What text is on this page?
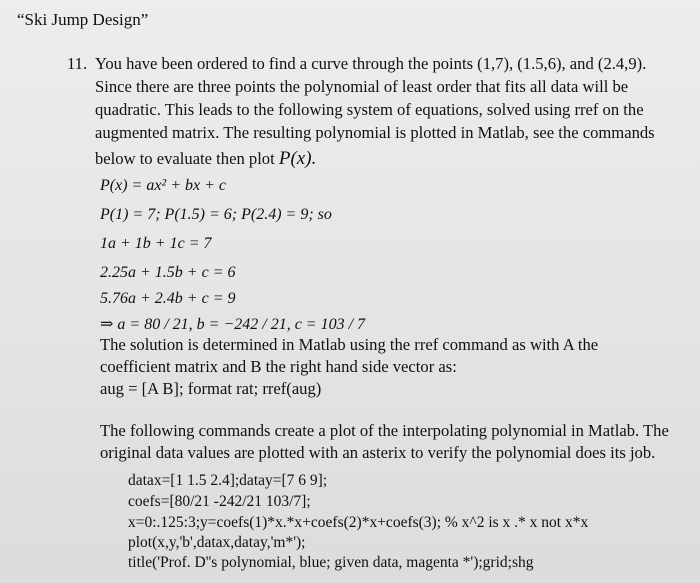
“Ski Jump Design”
11. You have been ordered to find a curve through the points (1,7), (1.5,6), and (2.4,9).
Since there are three points the polynomial of least order that fits all data will be
quadratic. This leads to the following system of equations, solved using rref on the
augmented matrix. The resulting polynomial is plotted in Matlab, see the commands
below to evaluate then plot P(x).
P(x) = ax² + bx + c
P(1) = 7; P(1.5) = 6; P(2.4) = 9; so
1a + 1b + 1c = 7
2.25a + 1.5b + c = 6
5.76a + 2.4b + c = 9
⇒ a = 80 / 21, b = −242 / 21, c = 103 / 7
The solution is determined in Matlab using the rref command as with A the
coefficient matrix and B the right hand side vector as:
aug = [A B]; format rat; rref(aug)
The following commands create a plot of the interpolating polynomial in Matlab. The
original data values are plotted with an asterix to verify the polynomial does its job.
datax=[1 1.5 2.4];datay=[7 6 9];
coefs=[80/21 -242/21 103/7];
x=0:.125:3;y=coefs(1)*x.*x+coefs(2)*x+coefs(3); % x^2 is x .* x not x*x
plot(x,y,'b',datax,datay,'m*');
title('Prof. D''s polynomial, blue; given data, magenta *');grid;shg
